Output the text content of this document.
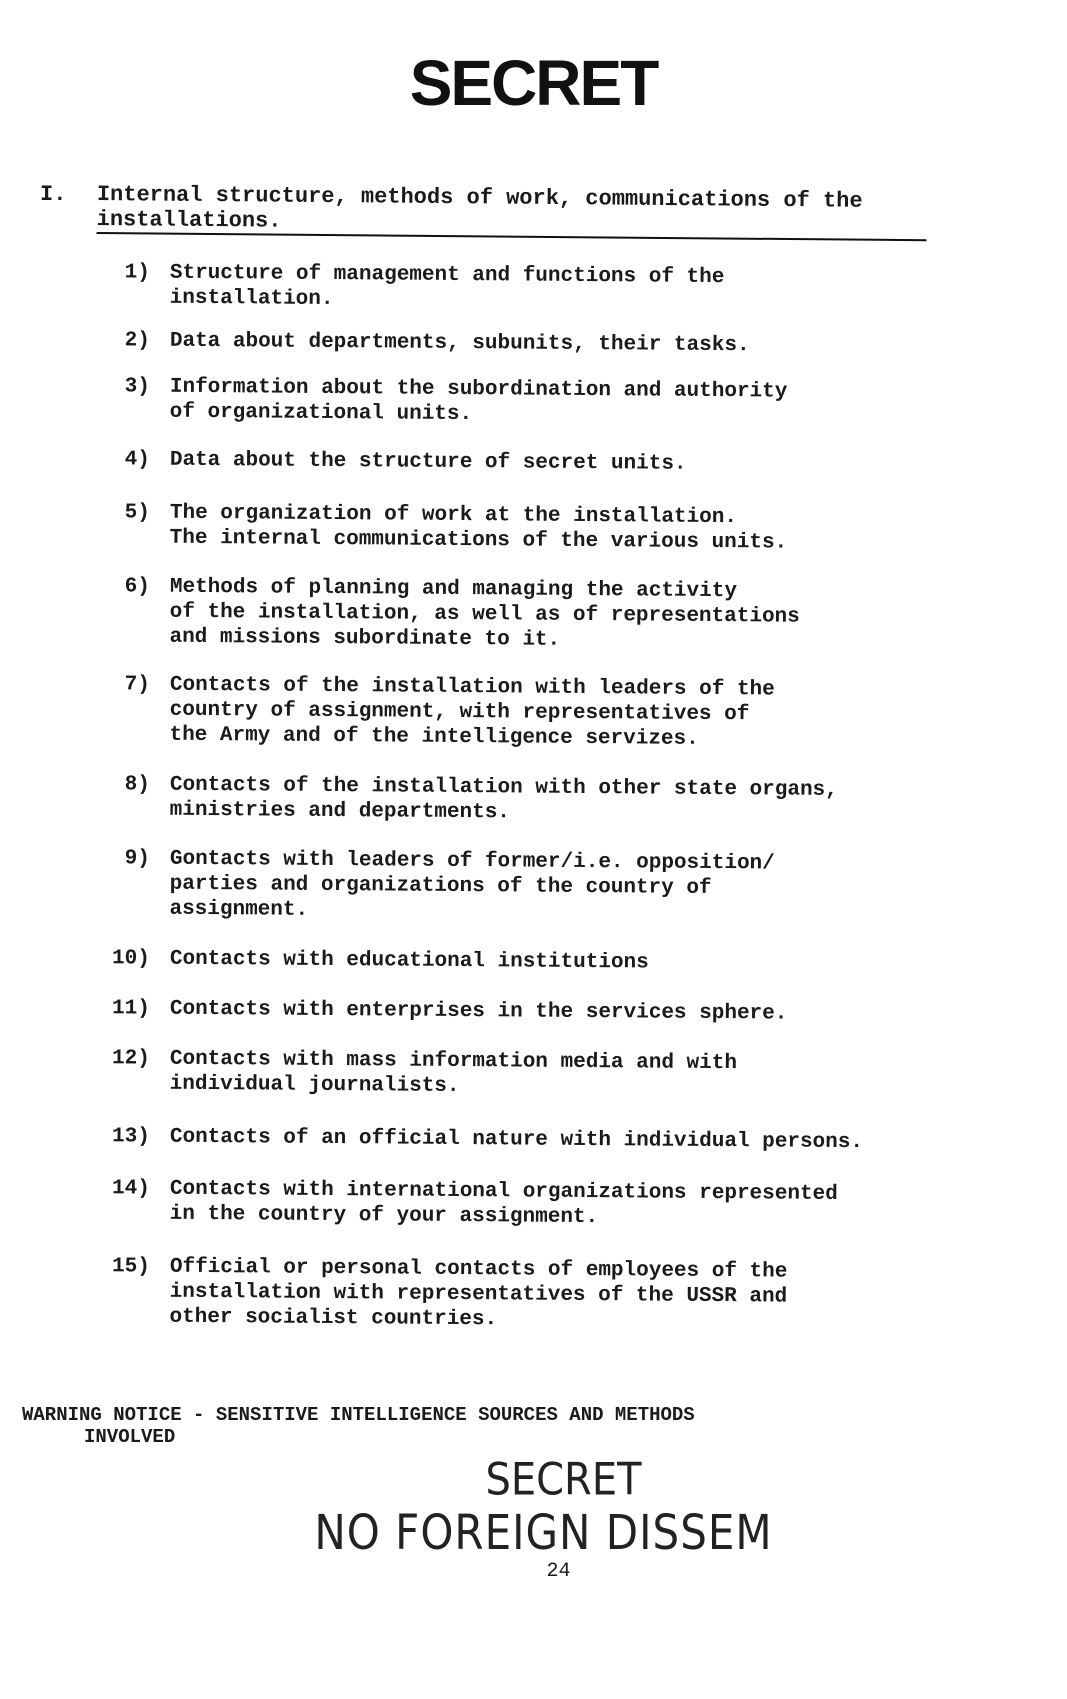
SECRET
I. Internal structure, methods of work, communications of the installations.
1) Structure of management and functions of the
installation.
2) Data about departments, subunits, their tasks.
3) Information about the subordination and authority
of organizational units.
4) Data about the structure of secret units.
5) The organization of work at the installation.
The internal communications of the various units.
6) Methods of planning and managing the activity
of the installation, as well as of representations
and missions subordinate to it.
7) Contacts of the installation with leaders of the
country of assignment, with representatives of
the Army and of the intelligence servizes.
8) Contacts of the installation with other state organs,
ministries and departments.
9) Gontacts with leaders of former/i.e. opposition/
parties and organizations of the country of
assignment.
10) Contacts with educational institutions
11) Contacts with enterprises in the services sphere.
12) Contacts with mass information media and with
individual journalists.
13) Contacts of an official nature with individual persons.
14) Contacts with international organizations represented
in the country of your assignment.
15) Official or personal contacts of employees of the
installation with representatives of the USSR and
other socialist countries.
WARNING NOTICE - SENSITIVE INTELLIGENCE SOURCES AND METHODS
INVOLVED
SECRET
NO FOREIGN DISSEM
24
